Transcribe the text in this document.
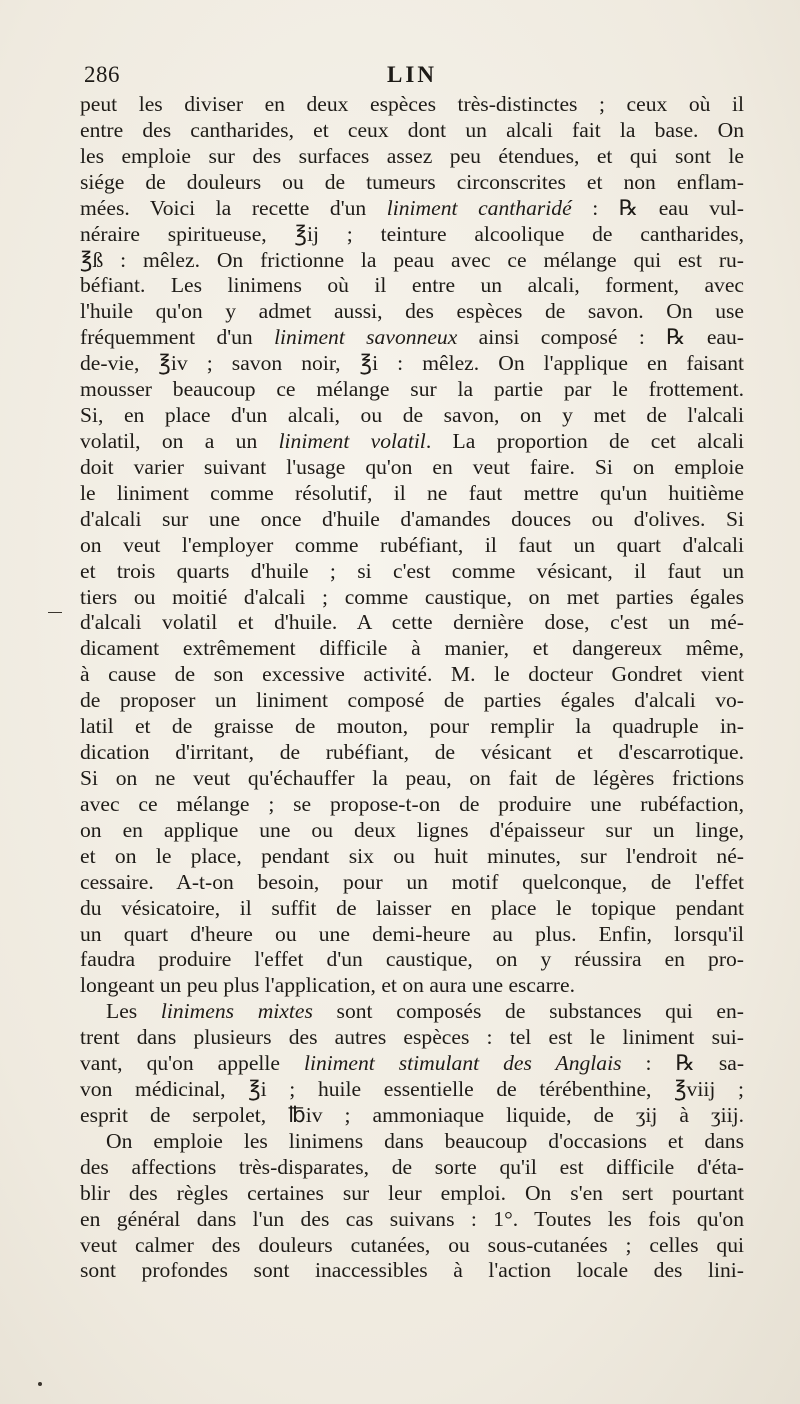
286	LIN
peut les diviser en deux espèces très-distinctes ; ceux où il
entre des cantharides, et ceux dont un alcali fait la base. On
les emploie sur des surfaces assez peu étendues, et qui sont le
siége de douleurs ou de tumeurs circonscrites et non enflam-
mées. Voici la recette d'un liniment cantharidé : ℞ eau vul-
néraire spiritueuse, ℥ij ; teinture alcoolique de cantharides,
℥ß : mêlez. On frictionne la peau avec ce mélange qui est ru-
béfiant. Les linimens où il entre un alcali, forment, avec
l'huile qu'on y admet aussi, des espèces de savon. On use
fréquemment d'un liniment savonneux ainsi composé : ℞ eau-
de-vie, ℥iv ; savon noir, ℥i : mêlez. On l'applique en faisant
mousser beaucoup ce mélange sur la partie par le frottement.
Si, en place d'un alcali, ou de savon, on y met de l'alcali
volatil, on a un liniment volatil. La proportion de cet alcali
doit varier suivant l'usage qu'on en veut faire. Si on emploie
le liniment comme résolutif, il ne faut mettre qu'un huitième
d'alcali sur une once d'huile d'amandes douces ou d'olives. Si
on veut l'employer comme rubéfiant, il faut un quart d'alcali
et trois quarts d'huile ; si c'est comme vésicant, il faut un
tiers ou moitié d'alcali ; comme caustique, on met parties égales
d'alcali volatil et d'huile. A cette dernière dose, c'est un mé-
dicament extrêmement difficile à manier, et dangereux même,
à cause de son excessive activité. M. le docteur Gondret vient
de proposer un liniment composé de parties égales d'alcali vo-
latil et de graisse de mouton, pour remplir la quadruple in-
dication d'irritant, de rubéfiant, de vésicant et d'escarrotique.
Si on ne veut qu'échauffer la peau, on fait de légères frictions
avec ce mélange ; se propose-t-on de produire une rubéfaction,
on en applique une ou deux lignes d'épaisseur sur un linge,
et on le place, pendant six ou huit minutes, sur l'endroit né-
cessaire. A-t-on besoin, pour un motif quelconque, de l'effet
du vésicatoire, il suffit de laisser en place le topique pendant
un quart d'heure ou une demi-heure au plus. Enfin, lorsqu'il
faudra produire l'effet d'un caustique, on y réussira en pro-
longeant un peu plus l'application, et on aura une escarre.
Les linimens mixtes sont composés de substances qui en-
trent dans plusieurs des autres espèces : tel est le liniment sui-
vant, qu'on appelle liniment stimulant des Anglais : ℞ sa-
von médicinal, ℥i ; huile essentielle de térébenthine, ℥viij ;
esprit de serpolet, ℔iv ; ammoniaque liquide, de ʒij à ʒiij.
On emploie les linimens dans beaucoup d'occasions et dans
des affections très-disparates, de sorte qu'il est difficile d'éta-
blir des règles certaines sur leur emploi. On s'en sert pourtant
en général dans l'un des cas suivans : 1°. Toutes les fois qu'on
veut calmer des douleurs cutanées, ou sous-cutanées ; celles qui
sont profondes sont inaccessibles à l'action locale des lini-
